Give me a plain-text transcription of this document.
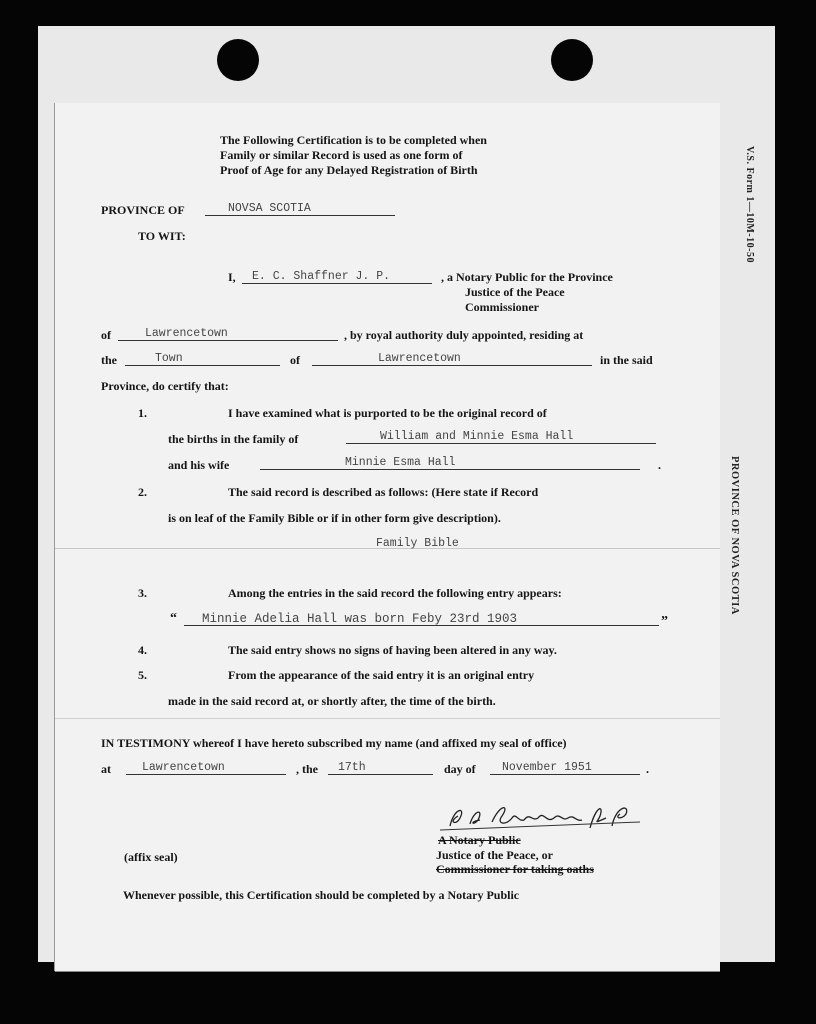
V.S. Form 1—10M-10-50
PROVINCE OF NOVA SCOTIA
The Following Certification is to be completed when
Family or similar Record is used as one form of
Proof of Age for any Delayed Registration of Birth
PROVINCE OF	NOVSA SCOTIA
TO WIT:
I, E. C. Shaffner J. P.	, a Notary Public for the Province
Justice of the Peace
Commissioner
of	Lawrencetown	, by royal authority duly appointed, residing at
the	Town	of	Lawrencetown	in the said
Province, do certify that:
1.	I have examined what is purported to be the original record of
the births in the family of	William and Minnie Esma Hall
and his wife	Minnie Esma Hall	.
2.	The said record is described as follows: (Here state if Record
is on leaf of the Family Bible or if in other form give description).
Family Bible
3.	Among the entries in the said record the following entry appears:
“ Minnie Adelia Hall was born Feby 23rd 1903	”
4.	The said entry shows no signs of having been altered in any way.
5.	From the appearance of the said entry it is an original entry
made in the said record at, or shortly after, the time of the birth.
IN TESTIMONY whereof I have hereto subscribed my name (and affixed my seal of office)
at	Lawrencetown	, the 17th	day of November 1951	.
A Notary Public
Justice of the Peace, or
Commissioner for taking oaths
(affix seal)
Whenever possible, this Certification should be completed by a Notary Public
